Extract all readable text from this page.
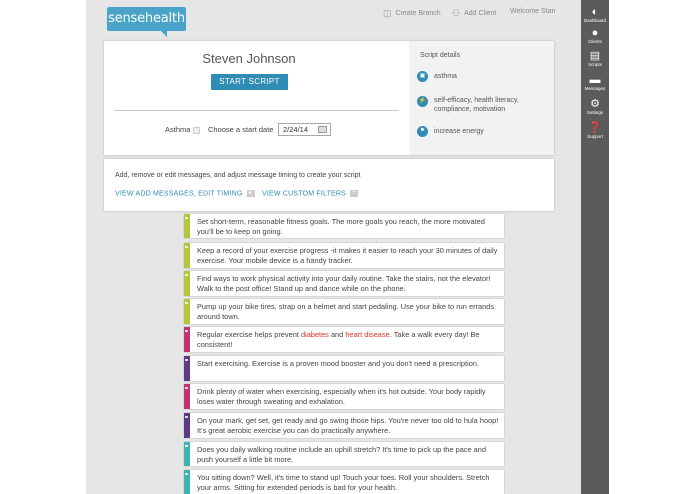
sensehealth	◫ Create Branch ⚇ Add Client Welcome Stan	◐
Dashboard
●
Clients
▤
Scripts
▬
Messages
⚙
Settings
❓
Support
Steven Johnson
START SCRIPT
Asthma	Choose a start date	2/24/14
Script details
▣	asthma
⚡ self-efficacy, health literacy, compliance, motivation
⚑	increase energy
Add, remove or edit messages, and adjust message timing to create your script
VIEW ADD MESSAGES, EDIT TIMING ▸	VIEW CUSTOM FILTERS +
Set short-term, reasonable fitness goals. The more goals you reach, the more motivated you'll be to keep on going.
Keep a record of your exercise progress -it makes it easier to reach your 30 minutes of daily exercise. Your mobile device is a handy tracker.
Find ways to work physical activity into your daily routine. Take the stairs, not the elevator! Walk to the post office! Stand up and dance while on the phone.
Pump up your bike tires, strap on a helmet and start pedaling. Use your bike to run errands around town.
Regular exercise helps prevent diabetes and heart disease. Take a walk every day! Be consistent!
Start exercising. Exercise is a proven mood booster and you don't need a prescription.
Drink plenty of water when exercising, especially when it's hot outside. Your body rapidly loses water through sweating and exhalation.
On your mark, get set, get ready and go swing those hips. You're never too old to hula hoop! It's great aerobic exercise you can do practically anywhere.
Does you daily walking routine include an uphill stretch? It's time to pick up the pace and push yourself a little bit more.
You sitting down? Well, it's time to stand up! Touch your toes. Roll your shoulders. Stretch your arms. Sitting for extended periods is bad for your health.
